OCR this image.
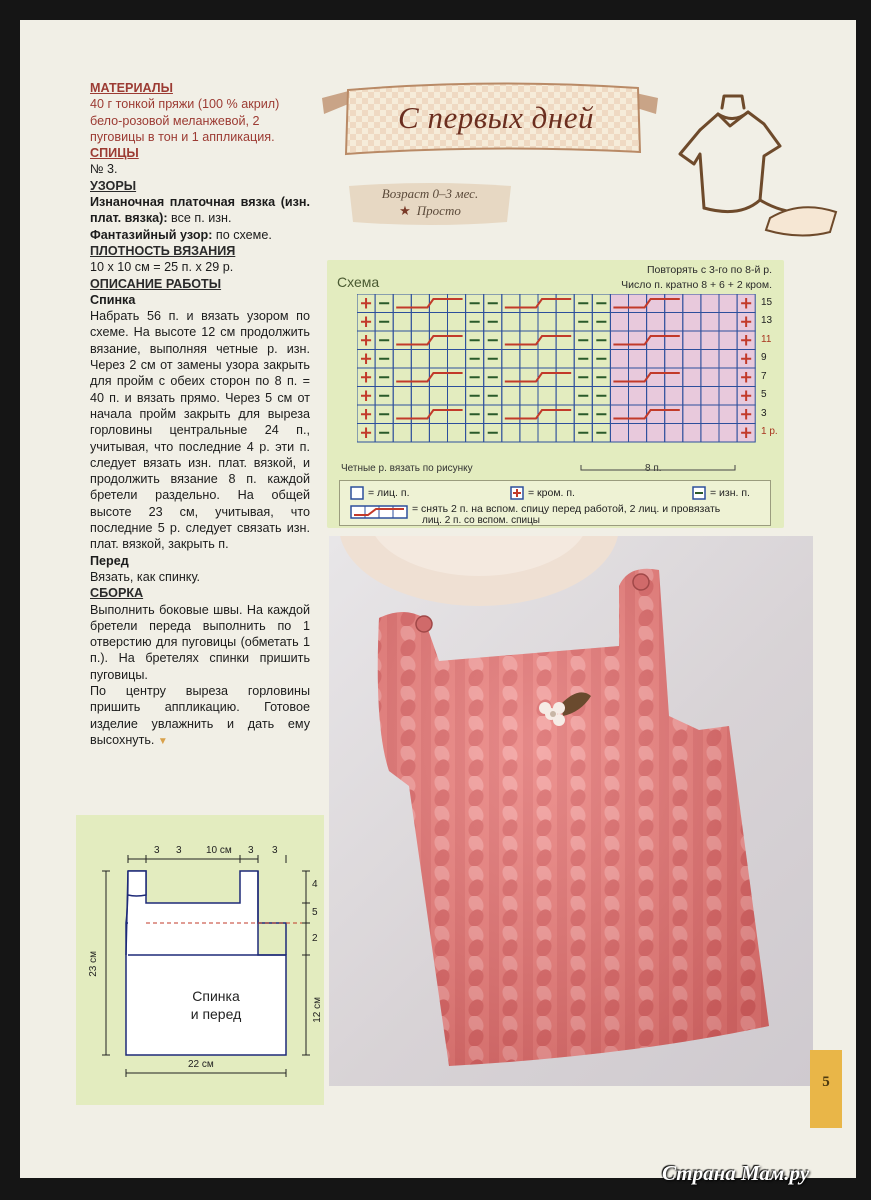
МАТЕРИАЛЫ

40 г тонкой пряжи (100 % акрил) бело-розовой меланжевой, 2 пуговицы в тон и 1 аппликация.

СПИЦЫ

№ 3.

УЗОРЫ

Изнаночная платочная вязка (изн. плат. вязка): все п. изн.

Фантазийный узор: по схеме.

ПЛОТНОСТЬ ВЯЗАНИЯ

10 х 10 см = 25 п. х 29 р.

ОПИСАНИЕ РАБОТЫ

Спинка

Набрать 56 п. и вязать узором по схеме. На высоте 12 см продолжить вязание, выполняя четные р. изн. Через 2 см от замены узора закрыть для пройм с обеих сторон по 8 п. = 40 п. и вязать прямо. Через 5 см от начала пройм закрыть для выреза горловины центральные 24 п., учитывая, что последние 4 р. эти п. следует вязать изн. плат. вязкой, и продолжить вязание 8 п. каждой бретели раздельно. На общей высоте 23 см, учитывая, что последние 5 р. следует связать изн. плат. вязкой, закрыть п.

Перед

Вязать, как спинку.

СБОРКА

Выполнить боковые швы. На каждой бретели переда выполнить по 1 отверстию для пуговицы (обметать 1 п.). На бретелях спинки пришить пуговицы.

По центру выреза горловины пришить аппликацию. Готовое изделие увлажнить и дать ему высохнуть. ▼

С первых дней
Возраст 0–3 мес.
★ Просто
Схема
Повторять с 3-го по 8-й р.
Число п. кратно 8 + 6 + 2 кром.
15
13
11
9
7
5
3
1 р.
Четные р. вязать по рисунку	8 п.
= лиц. п.	= кром. п.	= изн. п.
= снять 2 п. на вспом. спицу перед работой, 2 лиц. и провязать
лиц. 2 п. со вспом. спицы
3 3 10 см 3 3
4
5
2
12 см
23 см
22 см
Спинка
и перед
5
Страна Мам.ру
